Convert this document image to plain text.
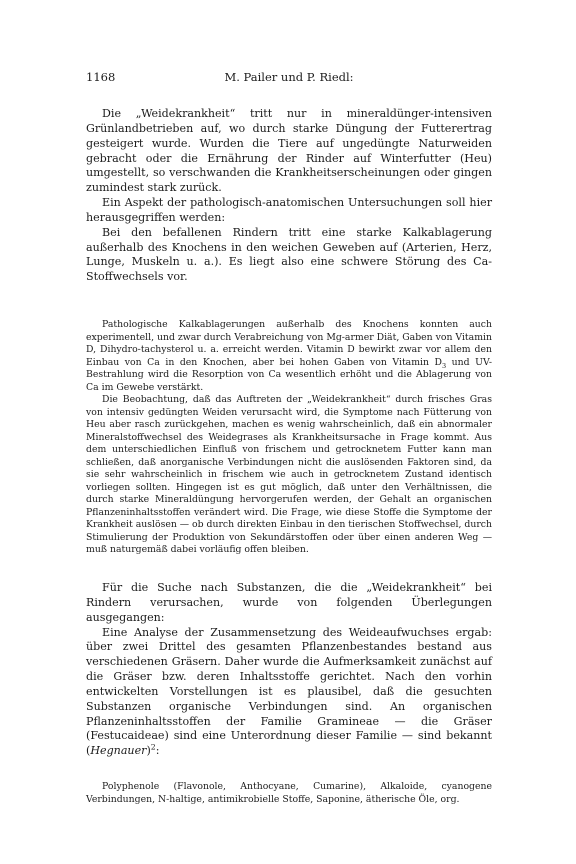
1168	M. Pailer und P. Riedl:

Die „Weidekrankheit“ tritt nur in mineraldünger-intensiven Grünlandbetrieben auf, wo durch starke Düngung der Futterertrag gesteigert wurde. Wurden die Tiere auf ungedüngte Naturweiden gebracht oder die Ernährung der Rinder auf Winterfutter (Heu) umgestellt, so verschwanden die Krankheitserscheinungen oder gingen zumindest stark zurück.

Ein Aspekt der pathologisch-anatomischen Untersuchungen soll hier herausgegriffen werden:

Bei den befallenen Rindern tritt eine starke Kalkablagerung außerhalb des Knochens in den weichen Geweben auf (Arterien, Herz, Lunge, Muskeln u. a.). Es liegt also eine schwere Störung des Ca-Stoffwechsels vor.

Pathologische Kalkablagerungen außerhalb des Knochens konnten auch experimentell, und zwar durch Verabreichung von Mg-armer Diät, Gaben von Vitamin D, Dihydro-tachysterol u. a. erreicht werden. Vitamin D bewirkt zwar vor allem den Einbau von Ca in den Knochen, aber bei hohen Gaben von Vitamin $D_3$ und UV-Bestrahlung wird die Resorption von Ca wesentlich erhöht und die Ablagerung von Ca im Gewebe verstärkt.

Die Beobachtung, daß das Auftreten der „Weidekrankheit“ durch frisches Gras von intensiv gedüngten Weiden verursacht wird, die Symptome nach Fütterung von Heu aber rasch zurückgehen, machen es wenig wahrscheinlich, daß ein abnormaler Mineralstoffwechsel des Weidegrases als Krankheitsursache in Frage kommt. Aus dem unterschiedlichen Einfluß von frischem und getrocknetem Futter kann man schließen, daß anorganische Verbindungen nicht die auslösenden Faktoren sind, da sie sehr wahrscheinlich in frischem wie auch in getrocknetem Zustand identisch vorliegen sollten. Hingegen ist es gut möglich, daß unter den Verhältnissen, die durch starke Mineraldüngung hervorgerufen werden, der Gehalt an organischen Pflanzeninhaltsstoffen verändert wird. Die Frage, wie diese Stoffe die Symptome der Krankheit auslösen — ob durch direkten Einbau in den tierischen Stoffwechsel, durch Stimulierung der Produktion von Sekundärstoffen oder über einen anderen Weg — muß naturgemäß dabei vorläufig offen bleiben.

Für die Suche nach Substanzen, die die „Weidekrankheit“ bei Rindern verursachen, wurde von folgenden Überlegungen ausgegangen:

Eine Analyse der Zusammensetzung des Weideaufwuchses ergab: über zwei Drittel des gesamten Pflanzenbestandes bestand aus verschiedenen Gräsern. Daher wurde die Aufmerksamkeit zunächst auf die Gräser bzw. deren Inhaltsstoffe gerichtet. Nach den vorhin entwickelten Vorstellungen ist es plausibel, daß die gesuchten Substanzen organische Verbindungen sind. An organischen Pflanzeninhaltsstoffen der Familie Gramineae — die Gräser (Festucaideae) sind eine Unterordnung dieser Familie — sind bekannt (Hegnauer)$^2$:

Polyphenole (Flavonole, Anthocyane, Cumarine), Alkaloide, cyanogene Verbindungen, N-haltige, antimikrobielle Stoffe, Saponine, ätherische Öle, org.
